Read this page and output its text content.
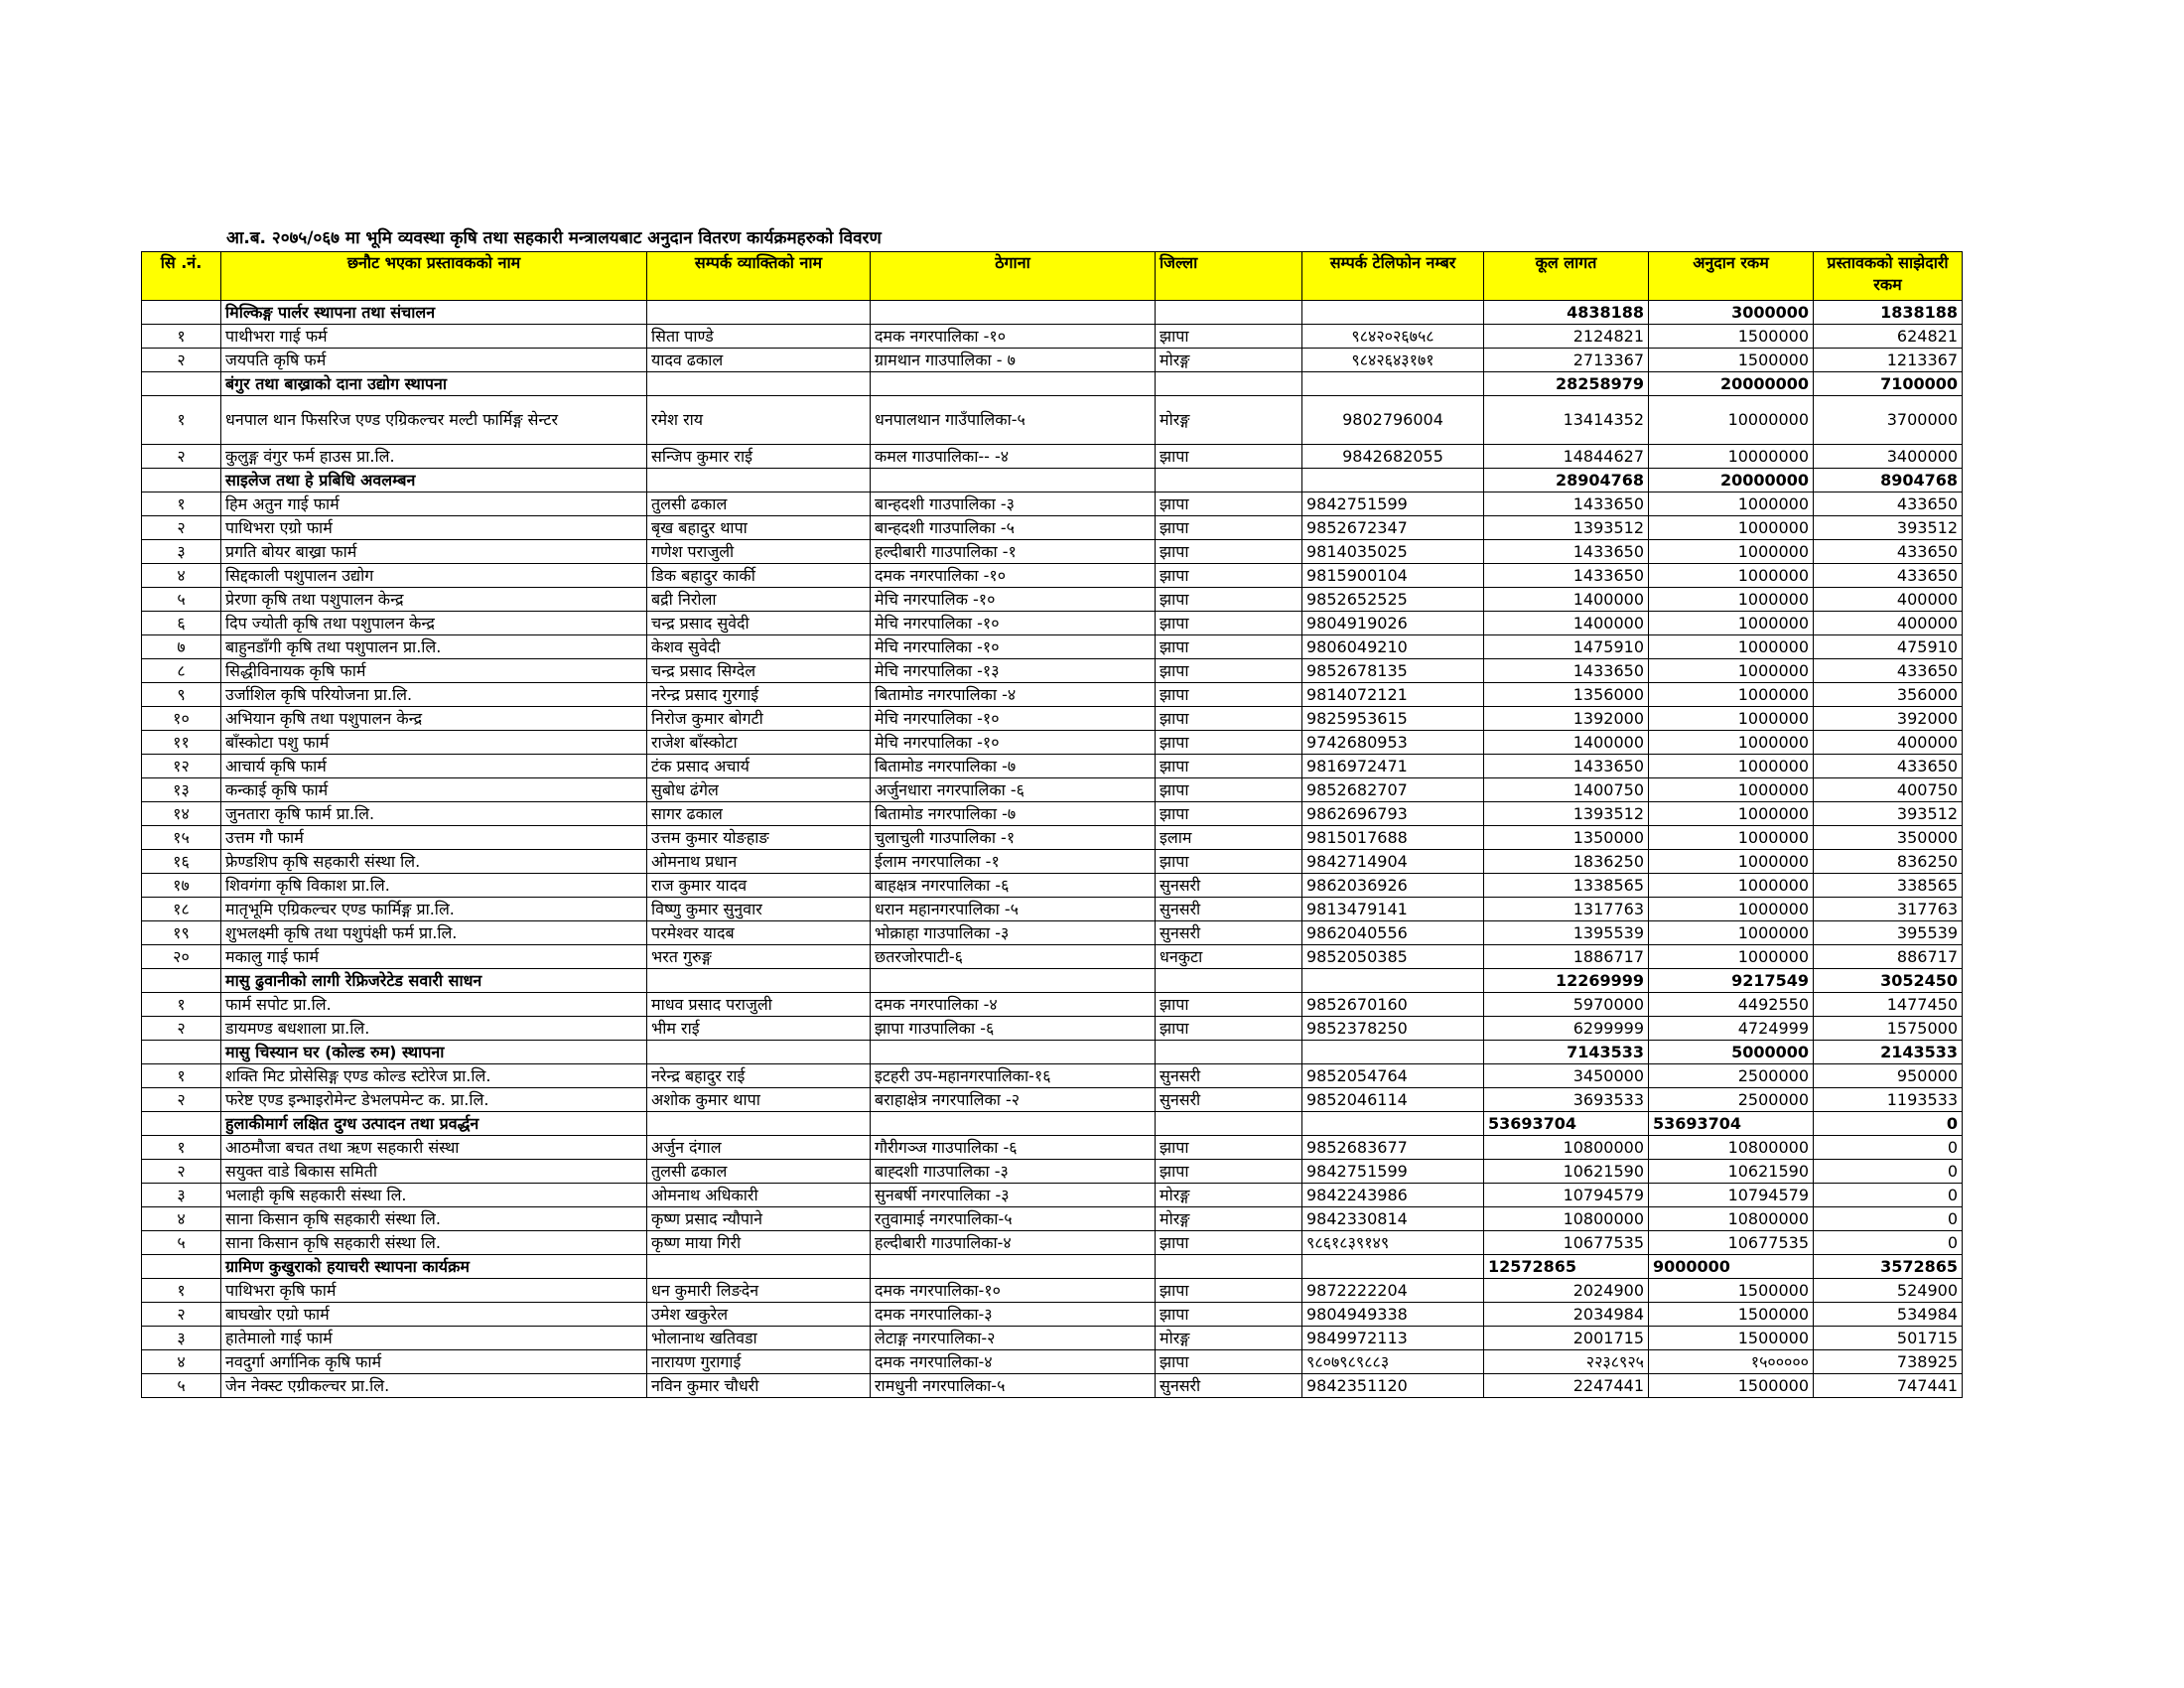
आ.ब. २०७५/०६७ मा भूमि व्यवस्था कृषि तथा सहकारी मन्त्रालयबाट अनुदान वितरण कार्यक्रमहरुको विवरण
सि .नं.	छनौट भएका प्रस्तावकको नाम	सम्पर्क व्याक्तिको नाम	ठेगाना	जिल्ला	सम्पर्क टेलिफोन नम्बर	कूल लागत	अनुदान रकम	प्रस्तावकको साझेदारी रकम
	मिल्किङ्ग पार्लर स्थापना तथा संचालन					4838188	3000000	1838188
१	पाथीभरा गाई फर्म	सिता पाण्डे	दमक नगरपालिका -१०	झापा	९८४२०२६७५८	2124821	1500000	624821
२	जयपति कृषि फर्म	यादव ढकाल	ग्रामथान गाउपालिका - ७	मोरङ्ग	९८४२६४३१७१	2713367	1500000	1213367
	बंगुर तथा बाख्राको दाना उद्योग स्थापना					28258979	20000000	7100000
१	धनपाल थान फिसरिज एण्ड एग्रिकल्चर मल्टी फार्मिङ्ग सेन्टर	रमेश राय	धनपालथान गाउँपालिका-५	मोरङ्ग	9802796004	13414352	10000000	3700000
२	कुलुङ्ग वंगुर फर्म हाउस प्रा.लि.	सन्जिप कुमार राई	कमल गाउपालिका-- -४	झापा	9842682055	14844627	10000000	3400000
	साइलेज तथा हे प्रबिधि अवलम्बन					28904768	20000000	8904768
१	हिम अतुन गाई फार्म	तुलसी ढकाल	बान्हदशी गाउपालिका -३	झापा	9842751599	1433650	1000000	433650
२	पाथिभरा एग्रो फार्म	बृख बहादुर थापा	बान्हदशी गाउपालिका -५	झापा	9852672347	1393512	1000000	393512
३	प्रगति बोयर बाख्रा फार्म	गणेश पराजुली	हल्दीबारी गाउपालिका -१	झापा	9814035025	1433650	1000000	433650
४	सिद्दकाली पशुपालन उद्योग	डिक बहादुर कार्की	दमक नगरपालिका -१०	झापा	9815900104	1433650	1000000	433650
५	प्रेरणा कृषि तथा पशुपालन केन्द्र	बद्री निरोला	मेचि नगरपालिक -१०	झापा	9852652525	1400000	1000000	400000
६	दिप ज्योती कृषि तथा पशुपालन केन्द्र	चन्द्र प्रसाद सुवेदी	मेचि नगरपालिका -१०	झापा	9804919026	1400000	1000000	400000
७	बाहुनडाँगी कृषि तथा पशुपालन प्रा.लि.	केशव सुवेदी	मेचि नगरपालिका -१०	झापा	9806049210	1475910	1000000	475910
८	सिद्धीविनायक कृषि फार्म	चन्द्र प्रसाद सिग्देल	मेचि नगरपालिका -१३	झापा	9852678135	1433650	1000000	433650
९	उर्जाशिल कृषि परियोजना प्रा.लि.	नरेन्द्र प्रसाद गुरगाई	बितामोड नगरपालिका -४	झापा	9814072121	1356000	1000000	356000
१०	अभियान कृषि तथा पशुपालन केन्द्र	निरोज कुमार बोगटी	मेचि नगरपालिका -१०	झापा	9825953615	1392000	1000000	392000
११	बाँस्कोटा पशु फार्म	राजेश बाँस्कोटा	मेचि नगरपालिका -१०	झापा	9742680953	1400000	1000000	400000
१२	आचार्य कृषि फार्म	टंक प्रसाद अचार्य	बितामोड नगरपालिका -७	झापा	9816972471	1433650	1000000	433650
१३	कन्काई कृषि फार्म	सुबोध ढंगेल	अर्जुनधारा नगरपालिका -६	झापा	9852682707	1400750	1000000	400750
१४	जुनतारा कृषि फार्म प्रा.लि.	सागर ढकाल	बितामोड नगरपालिका -७	झापा	9862696793	1393512	1000000	393512
१५	उत्तम गौ फार्म	उत्तम कुमार योङहाङ	चुलाचुली गाउपालिका -१	इलाम	9815017688	1350000	1000000	350000
१६	फ्रेण्डशिप कृषि सहकारी संस्था लि.	ओमनाथ प्रधान	ईलाम नगरपालिका -१	झापा	9842714904	1836250	1000000	836250
१७	शिवगंगा कृषि विकाश प्रा.लि.	राज कुमार यादव	बाहक्षत्र नगरपालिका -६	सुनसरी	9862036926	1338565	1000000	338565
१८	मातृभूमि एग्रिकल्चर एण्ड फार्मिङ्ग प्रा.लि.	विष्णु कुमार सुनुवार	धरान महानगरपालिका -५	सुनसरी	9813479141	1317763	1000000	317763
१९	शुभलक्ष्मी कृषि तथा पशुपंक्षी फर्म प्रा.लि.	परमेश्वर यादब	भोक्राहा गाउपालिका -३	सुनसरी	9862040556	1395539	1000000	395539
२०	मकालु गाई फार्म	भरत गुरुङ्ग	छतरजोरपाटी-६	धनकुटा	9852050385	1886717	1000000	886717
	मासु ढुवानीको लागी रेफ्रिजरेटेड सवारी साधन					12269999	9217549	3052450
१	फार्म सपोट प्रा.लि.	माधव प्रसाद पराजुली	दमक नगरपालिका -४	झापा	9852670160	5970000	4492550	1477450
२	डायमण्ड बधशाला प्रा.लि.	भीम राई	झापा गाउपालिका -६	झापा	9852378250	6299999	4724999	1575000
	मासु चिस्यान घर (कोल्ड रुम) स्थापना					7143533	5000000	2143533
१	शक्ति मिट प्रोसेसिङ्ग एण्ड कोल्ड स्टोरेज प्रा.लि.	नरेन्द्र बहादुर राई	इटहरी उप-महानगरपालिका-१६	सुनसरी	9852054764	3450000	2500000	950000
२	फरेष्ट एण्ड इन्भाइरोमेन्ट डेभलपमेन्ट क. प्रा.लि.	अशोक कुमार थापा	बराहाक्षेत्र नगरपालिका -२	सुनसरी	9852046114	3693533	2500000	1193533
	हुलाकीमार्ग लक्षित दुग्ध उत्पादन तथा प्रवर्द्धन					53693704	53693704	0
१	आठमौजा बचत तथा ऋण सहकारी संस्था	अर्जुन दंगाल	गौरीगञ्ज गाउपालिका -६	झापा	9852683677	10800000	10800000	0
२	सयुक्त वाडे बिकास समिती	तुलसी ढकाल	बाह्दशी गाउपालिका -३	झापा	9842751599	10621590	10621590	0
३	भलाही कृषि सहकारी संस्था लि.	ओमनाथ अधिकारी	सुनबर्षी नगरपालिका -३	मोरङ्ग	9842243986	10794579	10794579	0
४	साना किसान कृषि सहकारी संस्था लि.	कृष्ण प्रसाद न्यौपाने	रतुवामाई नगरपालिका-५	मोरङ्ग	9842330814	10800000	10800000	0
५	साना किसान कृषि सहकारी संस्था लि.	कृष्ण माया गिरी	हल्दीबारी गाउपालिका-४	झापा	९८६१८३९१४९	10677535	10677535	0
	ग्रामिण कुखुराको हयाचरी स्थापना कार्यक्रम					12572865	9000000	3572865
१	पाथिभरा कृषि फार्म	धन कुमारी लिङदेन	दमक नगरपालिका-१०	झापा	9872222204	2024900	1500000	524900
२	बाघखोर एग्रो फार्म	उमेश खकुरेल	दमक नगरपालिका-३	झापा	9804949338	2034984	1500000	534984
३	हातेमालो गाई फार्म	भोलानाथ खतिवडा	लेटाङ्ग नगरपालिका-२	मोरङ्ग	9849972113	2001715	1500000	501715
४	नवदुर्गा अर्गानिक कृषि फार्म	नारायण गुरागाई	दमक नगरपालिका-४	झापा	९८०७९८९८८३	२२३८९२५	१५०००००	738925
५	जेन नेक्स्ट एग्रीकल्चर प्रा.लि.	नविन कुमार चौधरी	रामधुनी नगरपालिका-५	सुनसरी	9842351120	2247441	1500000	747441
